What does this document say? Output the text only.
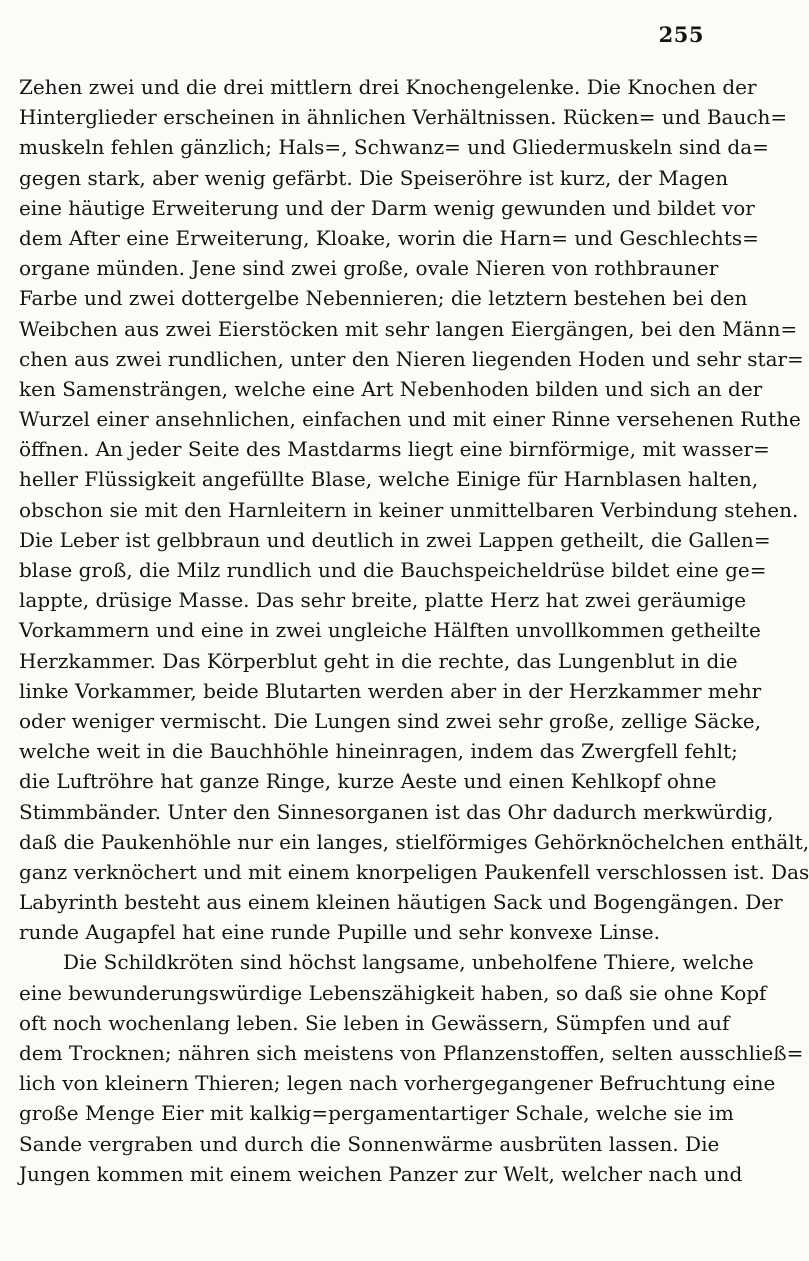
255
Zehen zwei und die drei mittlern drei Knochengelenke. Die Knochen der
Hinterglieder erscheinen in ähnlichen Verhältnissen. Rücken= und Bauch=
muskeln fehlen gänzlich; Hals=, Schwanz= und Gliedermuskeln sind da=
gegen stark, aber wenig gefärbt. Die Speiseröhre ist kurz, der Magen
eine häutige Erweiterung und der Darm wenig gewunden und bildet vor
dem After eine Erweiterung, Kloake, worin die Harn= und Geschlechts=
organe münden. Jene sind zwei große, ovale Nieren von rothbrauner
Farbe und zwei dottergelbe Nebennieren; die letztern bestehen bei den
Weibchen aus zwei Eierstöcken mit sehr langen Eiergängen, bei den Männ=
chen aus zwei rundlichen, unter den Nieren liegenden Hoden und sehr star=
ken Samensträngen, welche eine Art Nebenhoden bilden und sich an der
Wurzel einer ansehnlichen, einfachen und mit einer Rinne versehenen Ruthe
öffnen. An jeder Seite des Mastdarms liegt eine birnförmige, mit wasser=
heller Flüssigkeit angefüllte Blase, welche Einige für Harnblasen halten,
obschon sie mit den Harnleitern in keiner unmittelbaren Verbindung stehen.
Die Leber ist gelbbraun und deutlich in zwei Lappen getheilt, die Gallen=
blase groß, die Milz rundlich und die Bauchspeicheldrüse bildet eine ge=
lappte, drüsige Masse. Das sehr breite, platte Herz hat zwei geräumige
Vorkammern und eine in zwei ungleiche Hälften unvollkommen getheilte
Herzkammer. Das Körperblut geht in die rechte, das Lungenblut in die
linke Vorkammer, beide Blutarten werden aber in der Herzkammer mehr
oder weniger vermischt. Die Lungen sind zwei sehr große, zellige Säcke,
welche weit in die Bauchhöhle hineinragen, indem das Zwergfell fehlt;
die Luftröhre hat ganze Ringe, kurze Aeste und einen Kehlkopf ohne
Stimmbänder. Unter den Sinnesorganen ist das Ohr dadurch merkwürdig,
daß die Paukenhöhle nur ein langes, stielförmiges Gehörknöchelchen enthält,
ganz verknöchert und mit einem knorpeligen Paukenfell verschlossen ist. Das
Labyrinth besteht aus einem kleinen häutigen Sack und Bogengängen. Der
runde Augapfel hat eine runde Pupille und sehr konvexe Linse.
Die Schildkröten sind höchst langsame, unbeholfene Thiere, welche
eine bewunderungswürdige Lebenszähigkeit haben, so daß sie ohne Kopf
oft noch wochenlang leben. Sie leben in Gewässern, Sümpfen und auf
dem Trocknen; nähren sich meistens von Pflanzenstoffen, selten ausschließ=
lich von kleinern Thieren; legen nach vorhergegangener Befruchtung eine
große Menge Eier mit kalkig=pergamentartiger Schale, welche sie im
Sande vergraben und durch die Sonnenwärme ausbrüten lassen. Die
Jungen kommen mit einem weichen Panzer zur Welt, welcher nach und
